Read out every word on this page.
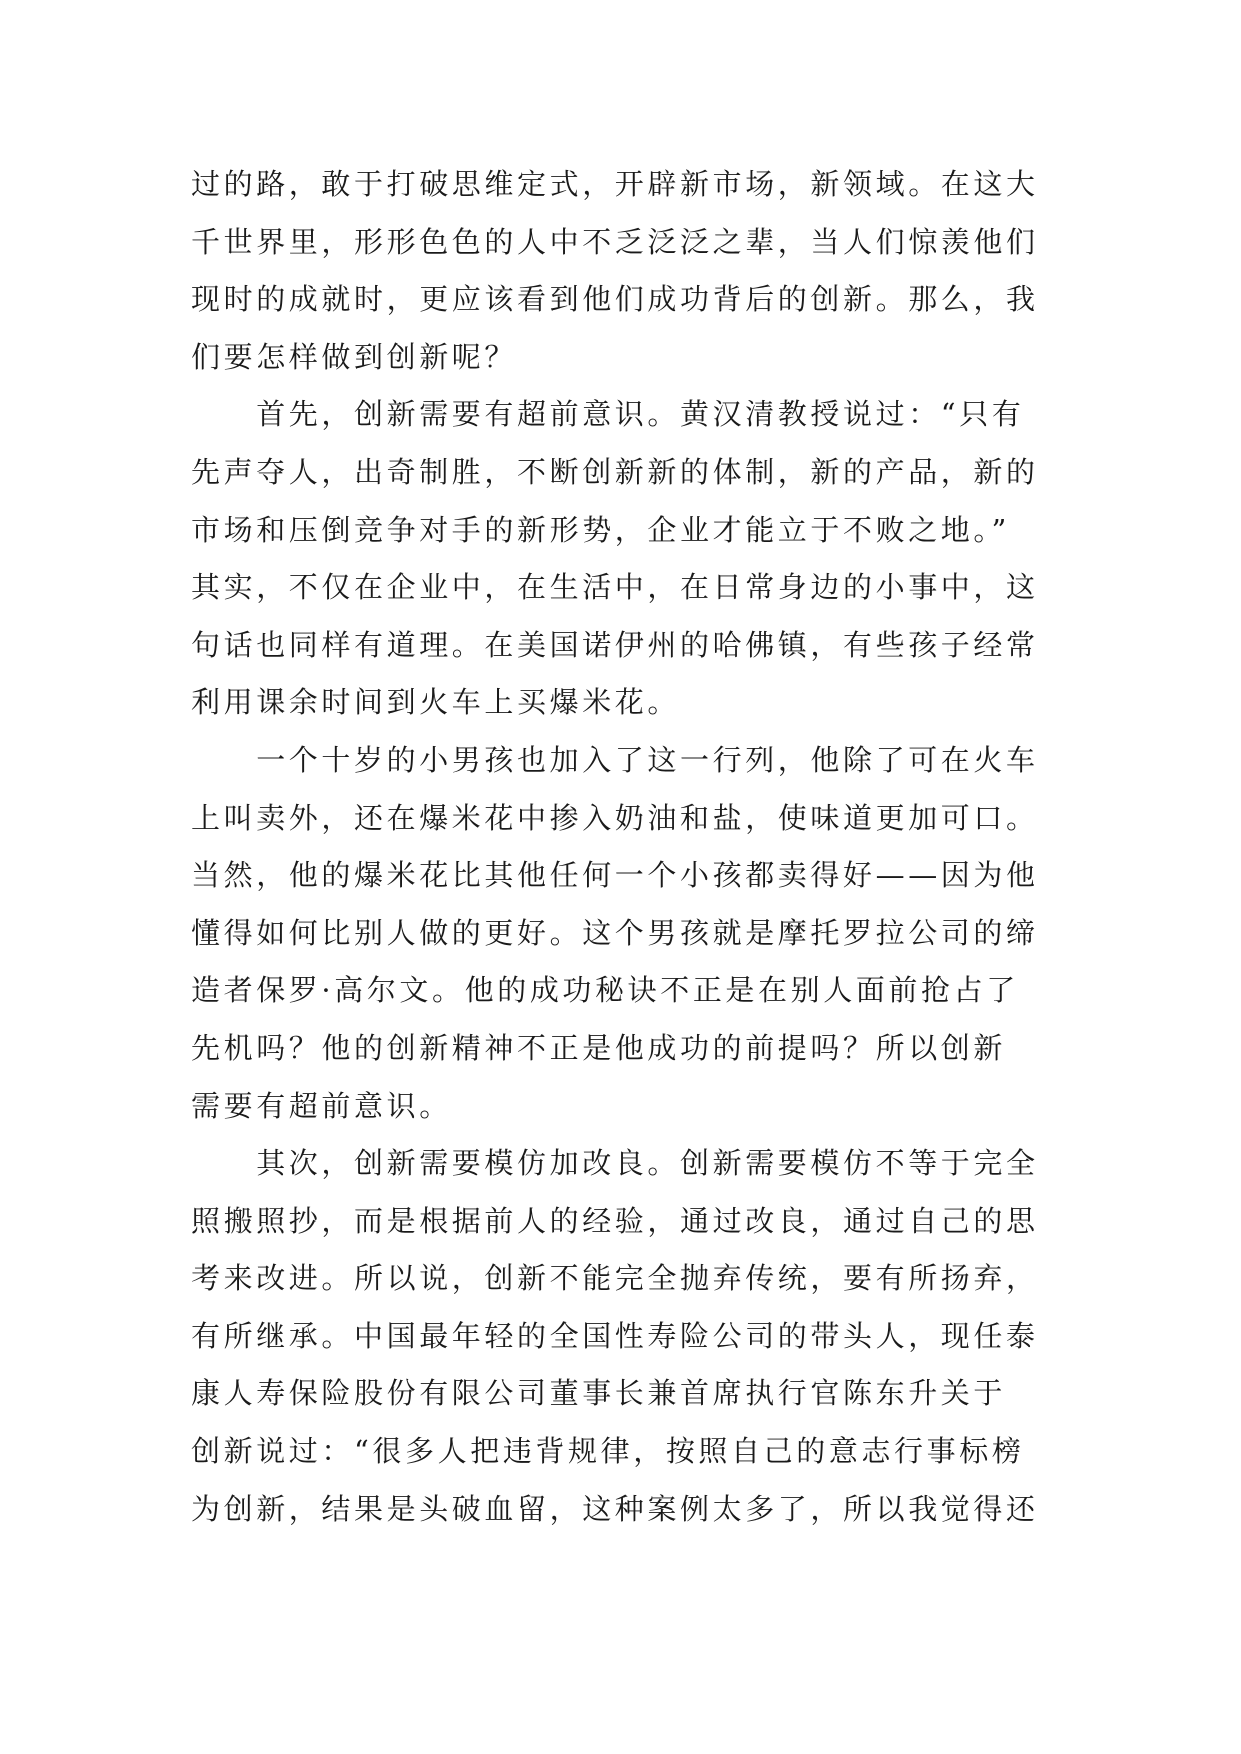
过的路，敢于打破思维定式，开辟新市场，新领域。在这大
千世界里，形形色色的人中不乏泛泛之辈，当人们惊羡他们
现时的成就时，更应该看到他们成功背后的创新。那么，我
们要怎样做到创新呢？
　　首先，创新需要有超前意识。黄汉清教授说过：“只有
先声夺人，出奇制胜，不断创新新的体制，新的产品，新的
市场和压倒竞争对手的新形势，企业才能立于不败之地。”
其实，不仅在企业中，在生活中，在日常身边的小事中，这
句话也同样有道理。在美国诺伊州的哈佛镇，有些孩子经常
利用课余时间到火车上买爆米花。
　　一个十岁的小男孩也加入了这一行列，他除了可在火车
上叫卖外，还在爆米花中掺入奶油和盐，使味道更加可口。
当然，他的爆米花比其他任何一个小孩都卖得好——因为他
懂得如何比别人做的更好。这个男孩就是摩托罗拉公司的缔
造者保罗·高尔文。他的成功秘诀不正是在别人面前抢占了
先机吗？他的创新精神不正是他成功的前提吗？所以创新
需要有超前意识。
　　其次，创新需要模仿加改良。创新需要模仿不等于完全
照搬照抄，而是根据前人的经验，通过改良，通过自己的思
考来改进。所以说，创新不能完全抛弃传统，要有所扬弃，
有所继承。中国最年轻的全国性寿险公司的带头人，现任泰
康人寿保险股份有限公司董事长兼首席执行官陈东升关于
创新说过：“很多人把违背规律，按照自己的意志行事标榜
为创新，结果是头破血留，这种案例太多了，所以我觉得还
